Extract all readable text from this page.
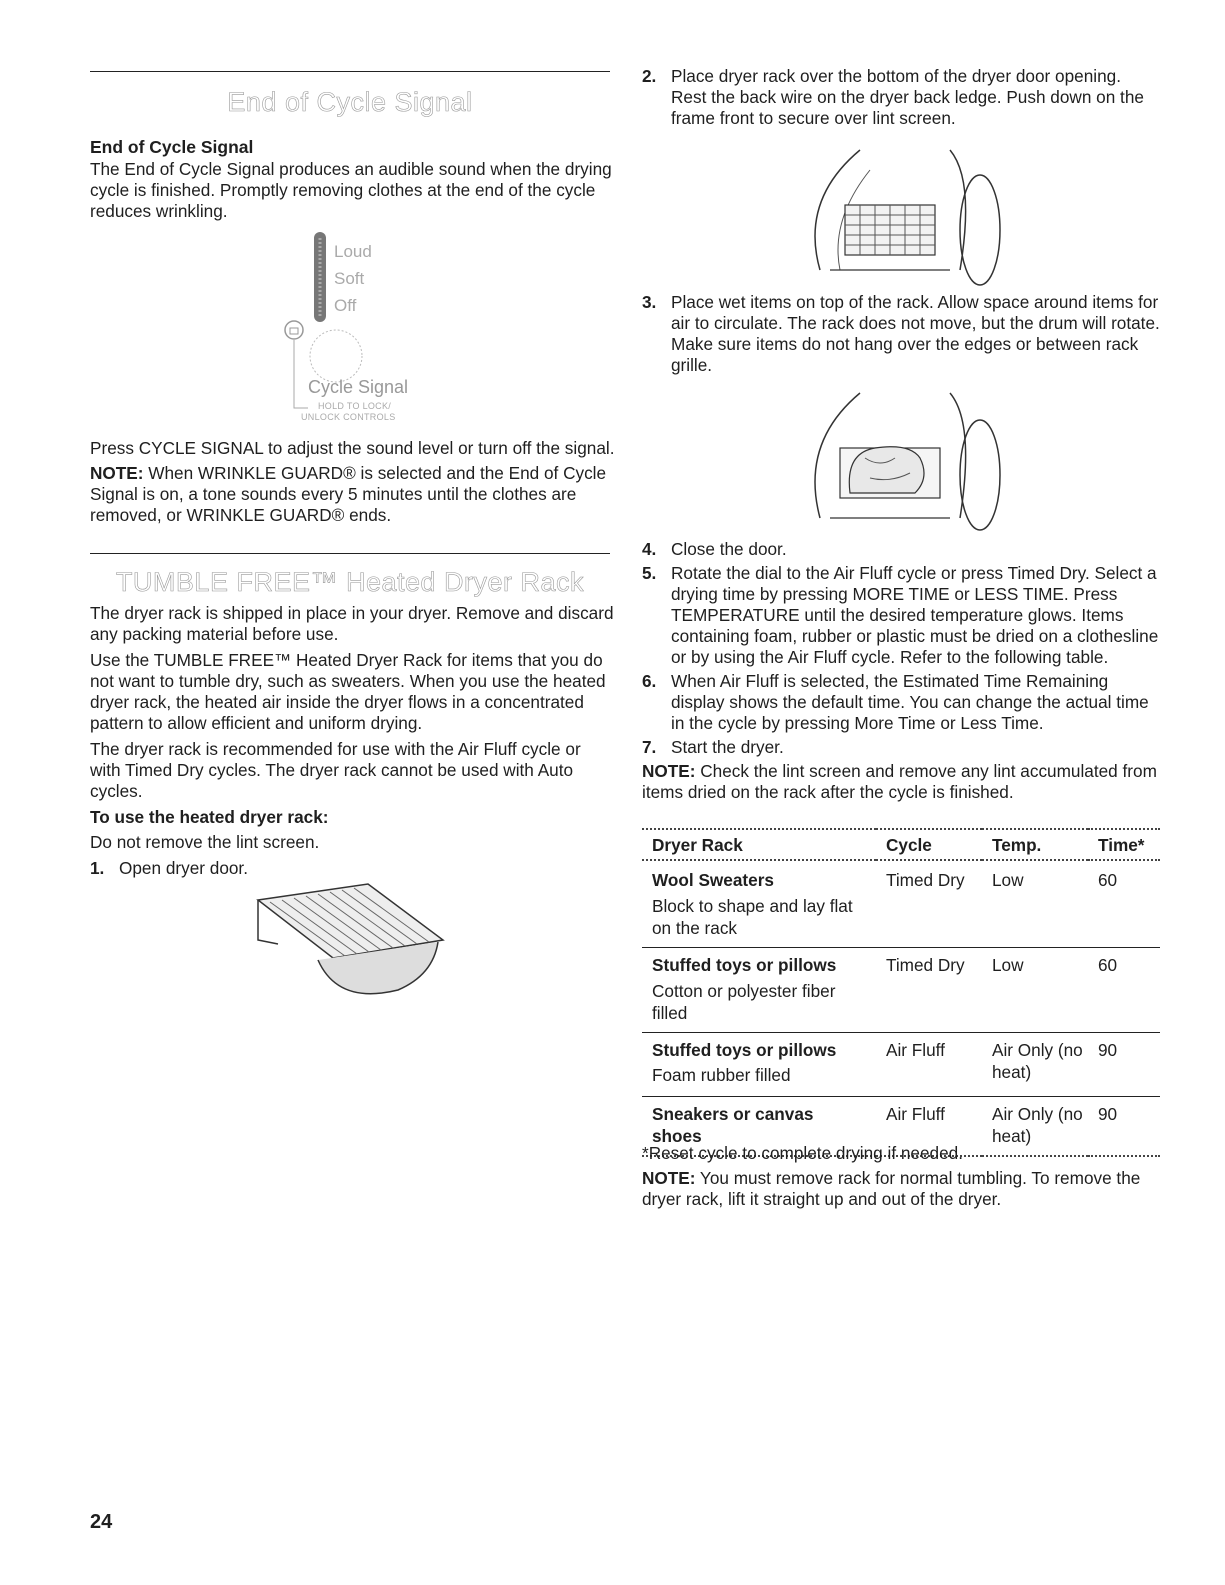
End of Cycle Signal

End of Cycle Signal

The End of Cycle Signal produces an audible sound when the drying cycle is finished. Promptly removing clothes at the end of the cycle reduces wrinkling.

Loud
Soft
Off
Cycle Signal
HOLD TO LOCK/
UNLOCK CONTROLS

Press CYCLE SIGNAL to adjust the sound level or turn off the signal.

NOTE: When WRINKLE GUARD® is selected and the End of Cycle Signal is on, a tone sounds every 5 minutes until the clothes are removed, or WRINKLE GUARD® ends.

TUMBLE FREE™ Heated Dryer Rack

The dryer rack is shipped in place in your dryer. Remove and discard any packing material before use.

Use the TUMBLE FREE™ Heated Dryer Rack for items that you do not want to tumble dry, such as sweaters. When you use the heated dryer rack, the heated air inside the dryer flows in a concentrated pattern to allow efficient and uniform drying.

The dryer rack is recommended for use with the Air Fluff cycle or with Timed Dry cycles. The dryer rack cannot be used with Auto cycles.

To use the heated dryer rack:

Do not remove the lint screen.

1. Open dryer door.

2. Place dryer rack over the bottom of the dryer door opening. Rest the back wire on the dryer back ledge. Push down on the frame front to secure over lint screen.

3. Place wet items on top of the rack. Allow space around items for air to circulate. The rack does not move, but the drum will rotate. Make sure items do not hang over the edges or between rack grille.

4. Close the door.

5. Rotate the dial to the Air Fluff cycle or press Timed Dry. Select a drying time by pressing MORE TIME or LESS TIME. Press TEMPERATURE until the desired temperature glows. Items containing foam, rubber or plastic must be dried on a clothesline or by using the Air Fluff cycle. Refer to the following table.

6. When Air Fluff is selected, the Estimated Time Remaining display shows the default time. You can change the actual time in the cycle by pressing More Time or Less Time.

7. Start the dryer.

NOTE: Check the lint screen and remove any lint accumulated from items dried on the rack after the cycle is finished.

Dryer Rack	Cycle	Temp.	Time*

Wool Sweaters
Block to shape and lay flat on the rack	Timed Dry	Low	60

Stuffed toys or pillows
Cotton or polyester fiber filled	Timed Dry	Low	60

Stuffed toys or pillows
Foam rubber filled	Air Fluff	Air Only (no heat)	90

Sneakers or canvas shoes	Air Fluff	Air Only (no heat)	90

*Reset cycle to complete drying if needed.

NOTE: You must remove rack for normal tumbling. To remove the dryer rack, lift it straight up and out of the dryer.

24
